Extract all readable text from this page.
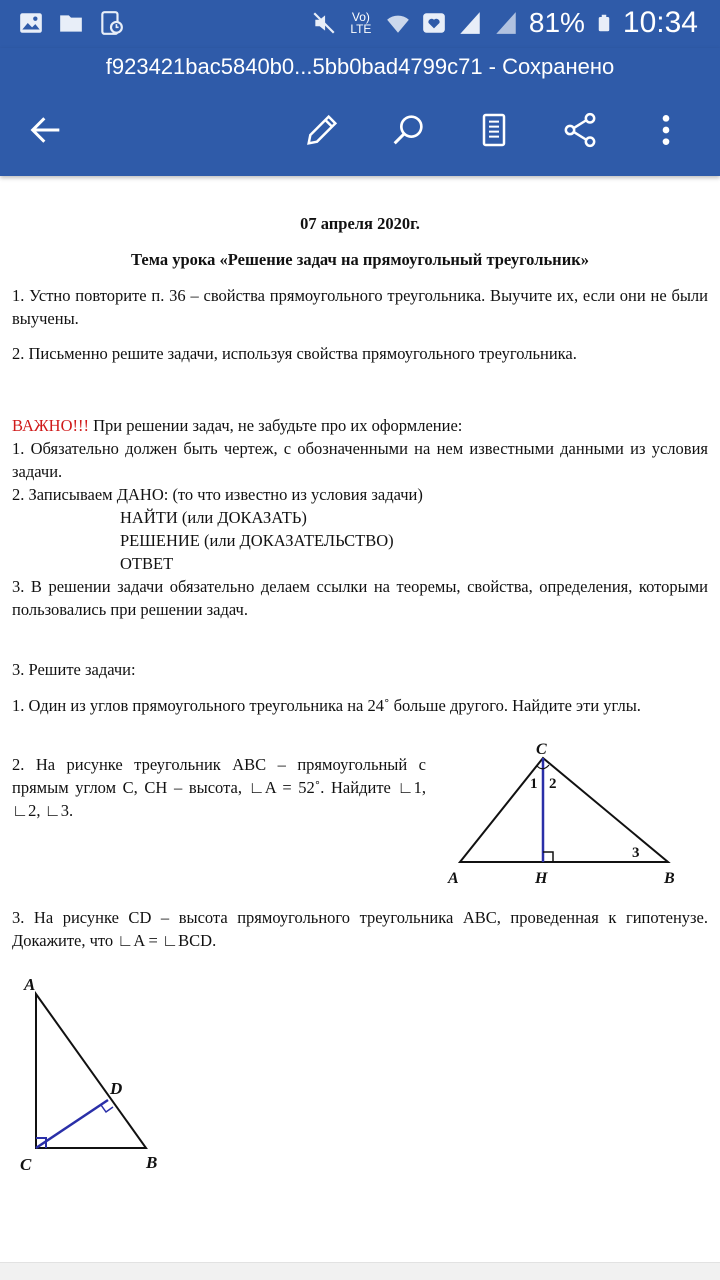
Vo) LTE	81% 10:34
f923421bac5840b0...5bb0bad4799c71 - Сохранено
07 апреля 2020г.
Тема урока «Решение задач на прямоугольный треугольник»
1. Устно повторите п. 36 – свойства прямоугольного треугольника. Выучите их, если они не были выучены.
2. Письменно решите задачи, используя свойства прямоугольного треугольника.
ВАЖНО!!! При решении задач, не забудьте про их оформление:
1. Обязательно должен быть чертеж, с обозначенными на нем известными данными из условия задачи.
2. Записываем ДАНО: (то что известно из условия задачи)
НАЙТИ (или ДОКАЗАТЬ)
РЕШЕНИЕ (или ДОКАЗАТЕЛЬСТВО)
ОТВЕТ
3. В решении задачи обязательно делаем ссылки на теоремы, свойства, определения, которыми пользовались при решении задач.
3. Решите задачи:
1. Один из углов прямоугольного треугольника на 24˚ больше другого. Найдите эти углы.
2. На рисунке треугольник ABC – прямоугольный с прямым углом C, CH – высота, ∟A = 52˚. Найдите ∟1, ∟2, ∟3.
3. На рисунке CD – высота прямоугольного треугольника ABC, проведенная к гипотенузе. Докажите, что ∟A = ∟BCD.
C
A	H	B
1 2
3
A
C	B
D
